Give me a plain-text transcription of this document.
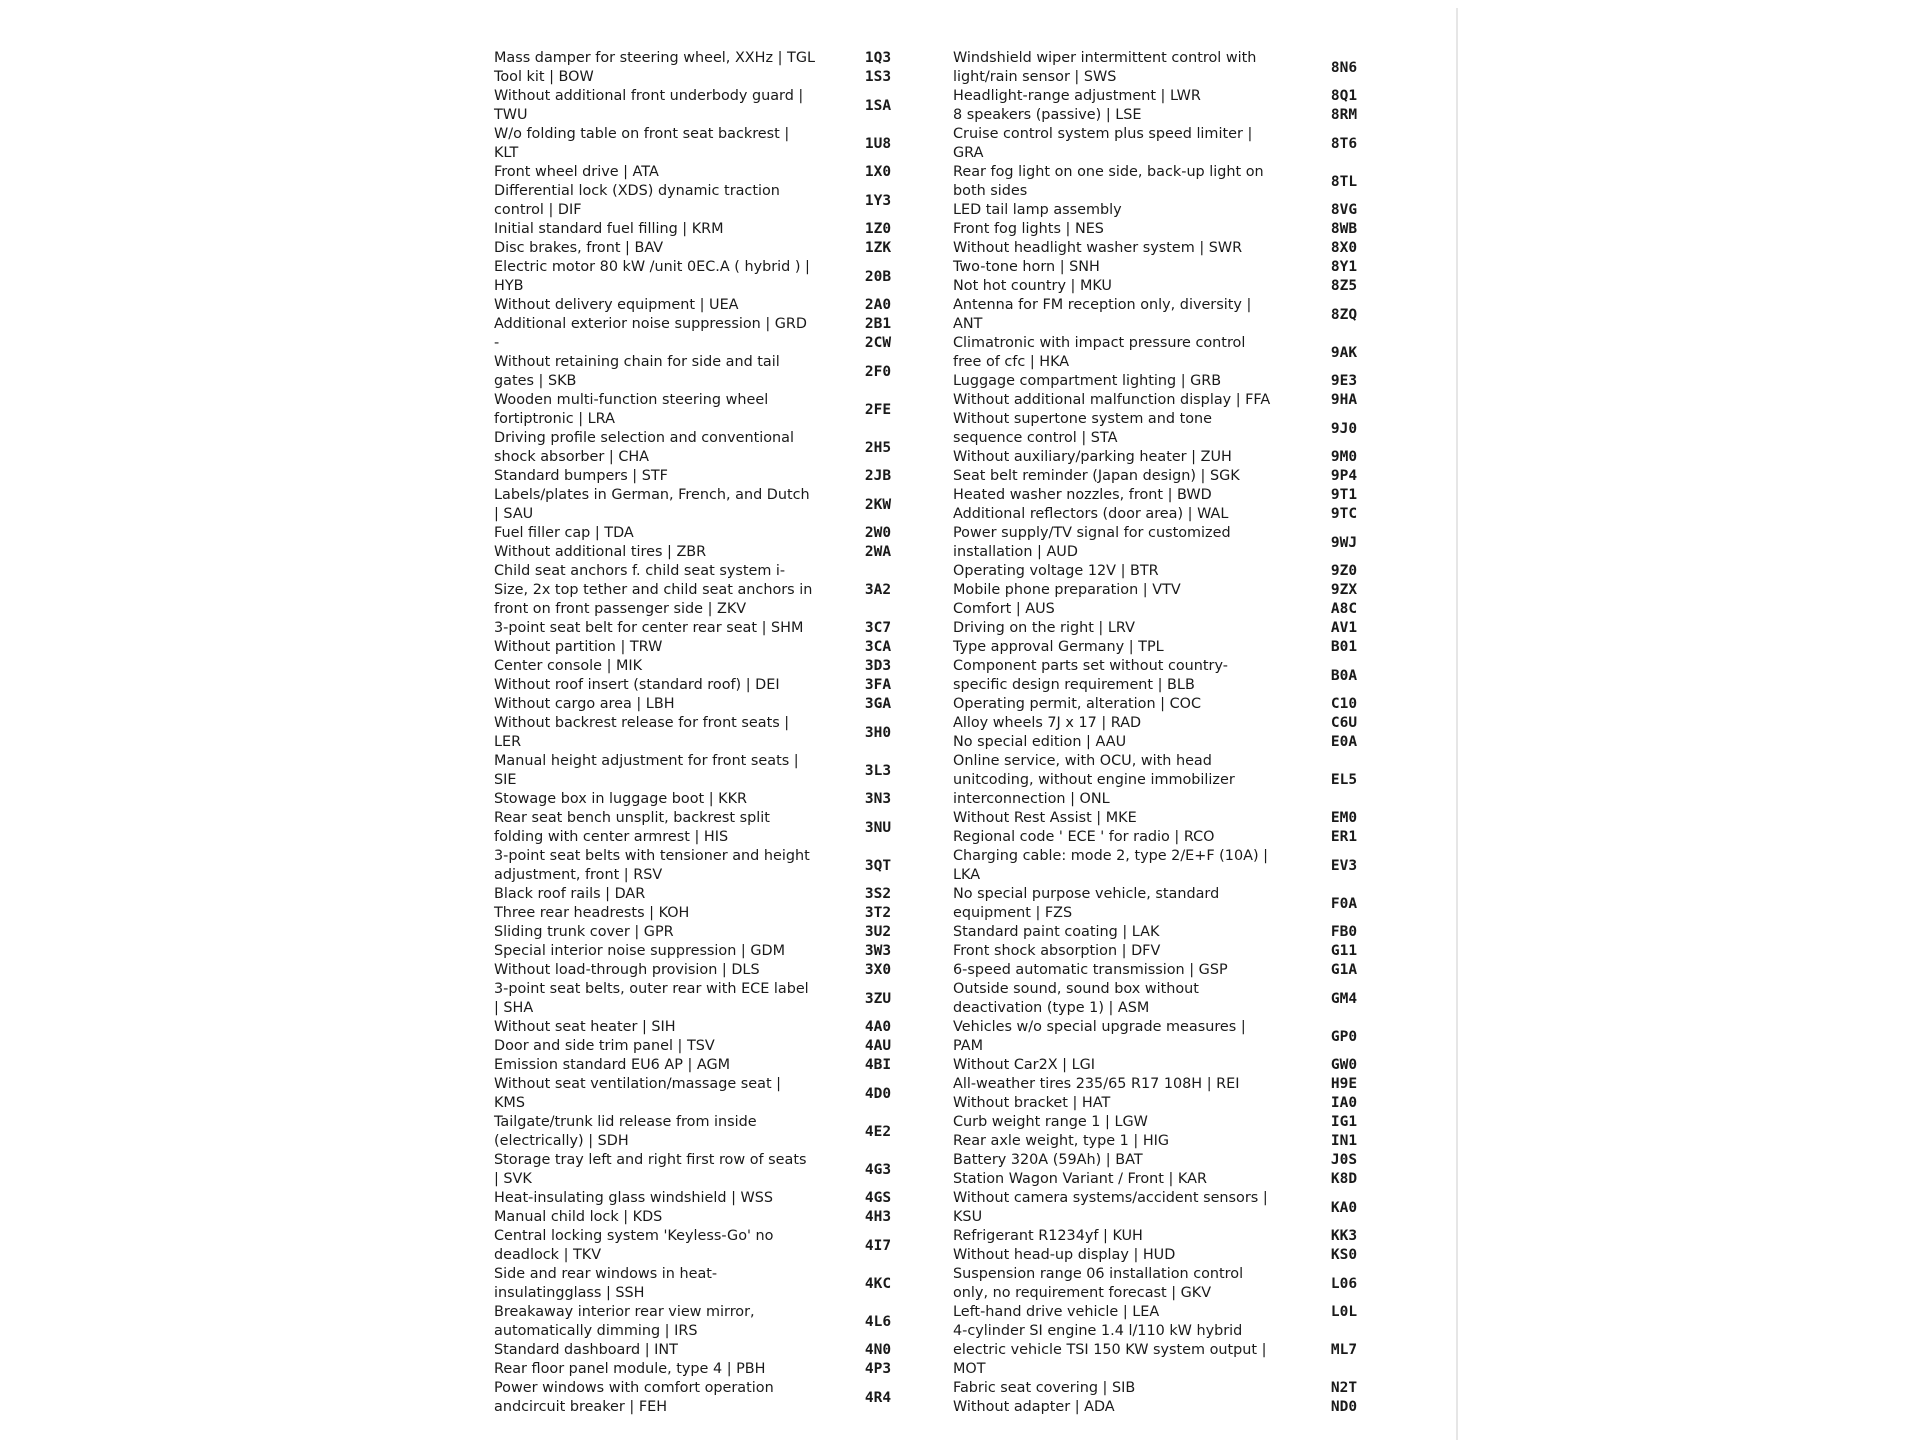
Mass damper for steering wheel, XXHz | TGL	1Q3
Tool kit | BOW	1S3
Without additional front underbody guard |
TWU
1SA
W/o folding table on front seat backrest |
KLT
1U8
Front wheel drive | ATA	1X0
Differential lock (XDS) dynamic traction
control | DIF
1Y3
Initial standard fuel filling | KRM	1Z0
Disc brakes, front | BAV	1ZK
Electric motor 80 kW /unit 0EC.A ( hybrid ) |
HYB
20B
Without delivery equipment | UEA	2A0
Additional exterior noise suppression | GRD	2B1
-	2CW
Without retaining chain for side and tail
gates | SKB
2F0
Wooden multi-function steering wheel
fortiptronic | LRA
2FE
Driving profile selection and conventional
shock absorber | CHA
2H5
Standard bumpers | STF	2JB
Labels/plates in German, French, and Dutch
| SAU
2KW
Fuel filler cap | TDA	2W0
Without additional tires | ZBR	2WA
Child seat anchors f. child seat system i-
Size, 2x top tether and child seat anchors in
front on front passenger side | ZKV
3A2
3-point seat belt for center rear seat | SHM	3C7
Without partition | TRW	3CA
Center console | MIK	3D3
Without roof insert (standard roof) | DEI	3FA
Without cargo area | LBH	3GA
Without backrest release for front seats |
LER
3H0
Manual height adjustment for front seats |
SIE
3L3
Stowage box in luggage boot | KKR	3N3
Rear seat bench unsplit, backrest split
folding with center armrest | HIS
3NU
3-point seat belts with tensioner and height
adjustment, front | RSV
3QT
Black roof rails | DAR	3S2
Three rear headrests | KOH	3T2
Sliding trunk cover | GPR	3U2
Special interior noise suppression | GDM	3W3
Without load-through provision | DLS	3X0
3-point seat belts, outer rear with ECE label
| SHA
3ZU
Without seat heater | SIH	4A0
Door and side trim panel | TSV	4AU
Emission standard EU6 AP | AGM	4BI
Without seat ventilation/massage seat |
KMS
4D0
Tailgate/trunk lid release from inside
(electrically) | SDH
4E2
Storage tray left and right first row of seats
| SVK
4G3
Heat-insulating glass windshield | WSS	4GS
Manual child lock | KDS	4H3
Central locking system 'Keyless-Go' no
deadlock | TKV
4I7
Side and rear windows in heat-
insulatingglass | SSH
4KC
Breakaway interior rear view mirror,
automatically dimming | IRS
4L6
Standard dashboard | INT	4N0
Rear floor panel module, type 4 | PBH	4P3
Power windows with comfort operation
andcircuit breaker | FEH
4R4
Windshield wiper intermittent control with
light/rain sensor | SWS
8N6
Headlight-range adjustment | LWR	8Q1
8 speakers (passive) | LSE	8RM
Cruise control system plus speed limiter |
GRA
8T6
Rear fog light on one side, back-up light on
both sides
8TL
LED tail lamp assembly	8VG
Front fog lights | NES	8WB
Without headlight washer system | SWR	8X0
Two-tone horn | SNH	8Y1
Not hot country | MKU	8Z5
Antenna for FM reception only, diversity |
ANT
8ZQ
Climatronic with impact pressure control
free of cfc | HKA
9AK
Luggage compartment lighting | GRB	9E3
Without additional malfunction display | FFA	9HA
Without supertone system and tone
sequence control | STA
9J0
Without auxiliary/parking heater | ZUH	9M0
Seat belt reminder (Japan design) | SGK	9P4
Heated washer nozzles, front | BWD	9T1
Additional reflectors (door area) | WAL	9TC
Power supply/TV signal for customized
installation | AUD
9WJ
Operating voltage 12V | BTR	9Z0
Mobile phone preparation | VTV	9ZX
Comfort | AUS	A8C
Driving on the right | LRV	AV1
Type approval Germany | TPL	B01
Component parts set without country-
specific design requirement | BLB
B0A
Operating permit, alteration | COC	C10
Alloy wheels 7J x 17 | RAD	C6U
No special edition | AAU	E0A
Online service, with OCU, with head
unitcoding, without engine immobilizer
interconnection | ONL
EL5
Without Rest Assist | MKE	EM0
Regional code ' ECE ' for radio | RCO	ER1
Charging cable: mode 2, type 2/E+F (10A) |
LKA
EV3
No special purpose vehicle, standard
equipment | FZS
F0A
Standard paint coating | LAK	FB0
Front shock absorption | DFV	G11
6-speed automatic transmission | GSP	G1A
Outside sound, sound box without
deactivation (type 1) | ASM
GM4
Vehicles w/o special upgrade measures |
PAM
GP0
Without Car2X | LGI	GW0
All-weather tires 235/65 R17 108H | REI	H9E
Without bracket | HAT	IA0
Curb weight range 1 | LGW	IG1
Rear axle weight, type 1 | HIG	IN1
Battery 320A (59Ah) | BAT	J0S
Station Wagon Variant / Front | KAR	K8D
Without camera systems/accident sensors |
KSU
KA0
Refrigerant R1234yf | KUH	KK3
Without head-up display | HUD	KS0
Suspension range 06 installation control
only, no requirement forecast | GKV
L06
Left-hand drive vehicle | LEA	L0L
4-cylinder SI engine 1.4 l/110 kW hybrid
electric vehicle TSI 150 KW system output |
MOT
ML7
Fabric seat covering | SIB	N2T
Without adapter | ADA	ND0
